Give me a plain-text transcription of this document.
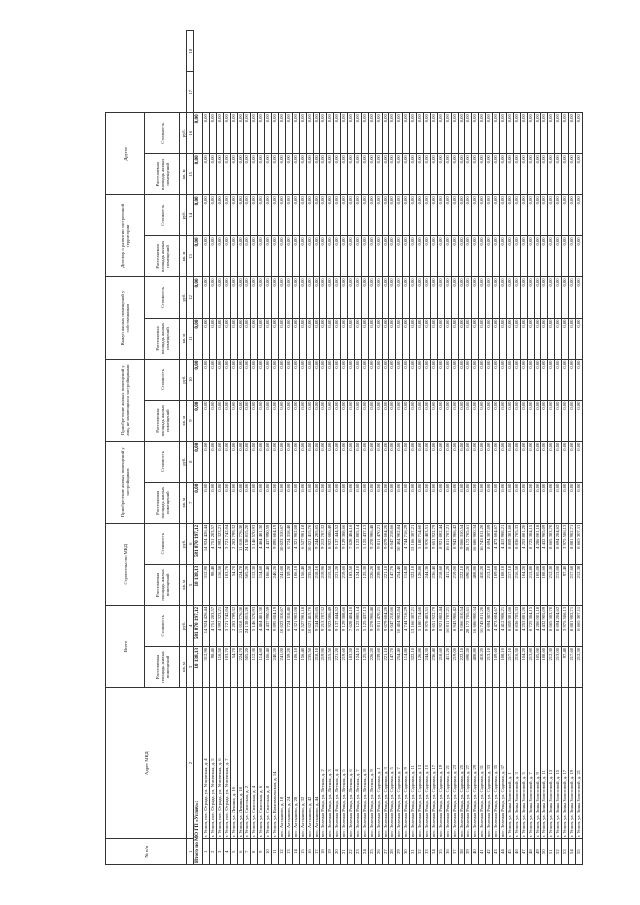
№ п/п	Адрес МКД	Всего		Строительство МКД		Приобретение жилых помещений у застройщиков		Приобретение жилых помещений у лиц, не являющихся застройщиками		Выкуп жилых помещений у собственников		Договор о развитии застроенной территории		Другое			
		Расселяемая площадь жилых помещений	Стоимость	Расселяемая площадь жилых помещений	Стоимость	Расселяемая площадь жилых помещений	Стоимость	Расселяемая площадь жилых помещений	Стоимость	Расселяемая площадь жилых помещений	Стоимость	Расселяемая площадь жилых помещений	Стоимость	Расселяемая площадь жилых помещений	Стоимость		
		кв. м	руб.	кв. м	руб.	кв. м	руб.	кв. м	руб.	кв. м	руб.	кв. м	руб.	кв. м	руб.		
1	2	3	4	5	6	7	8	9	10	11	12	13	14	15	16	17	18
Итого по МО ГП «Углич»:		10 138,13	581 870 197,12	10 138,13	581 870 197,12	0,00	0,00	0,00	0,00	0,00	0,00	0,00	0,00	0,00	0,00		
1	г. Углич, пос. Отрада, ул. Угличская, д. 4	312,90	14 924 426,44	312,90	14 924 426,44	0,00	0,00	0,00	0,00	0,00	0,00	0,00	0,00	0,00	0,00		
2	г. Углич, пос. Отрада, ул. Угличская, д. 5	98,40	4 751 203,57	98,40	4 751 203,57	0,00	0,00	0,00	0,00	0,00	0,00	0,00	0,00	0,00	0,00		
3	г. Углич, пос. Отрада, ул. Угличская, д. 6	116,50	4 992 323,21	116,50	4 992 323,21	0,00	0,00	0,00	0,00	0,00	0,00	0,00	0,00	0,00	0,00		
4	г. Углич, пос. Отрада, ул. Угличская, д. 7	103,70	3 721 742,04	103,70	3 721 742,04	0,00	0,00	0,00	0,00	0,00	0,00	0,00	0,00	0,00	0,00		
5	г. Углич, ул. Ленина, д. 16	54,70	2 203 799,32	54,70	2 203 799,32	0,00	0,00	0,00	0,00	0,00	0,00	0,00	0,00	0,00	0,00		
6	г. Углич, ул. Ленина, д. 18	224,70	11 018 776,30	224,70	11 018 776,30	0,00	0,00	0,00	0,00	0,00	0,00	0,00	0,00	0,00	0,00		
7	г. Углич, ул. Спасская, д. 2	505,20	24 138 815,20	505,20	24 138 815,20	0,00	0,00	0,00	0,00	0,00	0,00	0,00	0,00	0,00	0,00		
8	г. Углич, ул. Спасская, д. 4	112,30	5 146 570,93	112,30	5 146 570,93	0,00	0,00	0,00	0,00	0,00	0,00	0,00	0,00	0,00	0,00		
9	г. Углич, ул. Спасская, д. 6	114,60	4 464 401,30	114,60	4 464 401,30	0,00	0,00	0,00	0,00	0,00	0,00	0,00	0,00	0,00	0,00		
10	г. Углич, ул. Спасская, д. 8	106,40	4 437 990,59	106,40	4 437 990,59	0,00	0,00	0,00	0,00	0,00	0,00	0,00	0,00	0,00	0,00		
11	г. Углич, ул. Комсомольская, д. 14	240,20	9 895 604,19	240,20	9 895 604,19	0,00	0,00	0,00	0,00	0,00	0,00	0,00	0,00	0,00	0,00		
12	пос. Алтыново, д. 18	241,00	10 023 310,67	241,00	10 023 310,67	0,00	0,00	0,00	0,00	0,00	0,00	0,00	0,00	0,00	0,00		
13	пос. Алтыново, д. 24	159,20	6 724 318,40	159,20	6 724 318,40	0,00	0,00	0,00	0,00	0,00	0,00	0,00	0,00	0,00	0,00		
14	пос. Алтыново, д. 28	106,10	4 321 902,08	106,10	4 321 902,08	0,00	0,00	0,00	0,00	0,00	0,00	0,00	0,00	0,00	0,00		
15	пос. Алтыново, д. 32	156,40	6 527 901,18	156,40	6 527 901,18	0,00	0,00	0,00	0,00	0,00	0,00	0,00	0,00	0,00	0,00		
16	пос. Алтыново, д. 42	235,50	10 021 415,70	235,50	10 021 415,70	0,00	0,00	0,00	0,00	0,00	0,00	0,00	0,00	0,00	0,00		
17	пос. Алтыново, д. 44	218,10	9 244 205,65	218,10	9 244 205,65	0,00	0,00	0,00	0,00	0,00	0,00	0,00	0,00	0,00	0,00		
18	пос. Зеленая Роща, ул. Лесная, д. 2	219,90	9 213 707,32	219,90	9 213 707,32	0,00	0,00	0,00	0,00	0,00	0,00	0,00	0,00	0,00	0,00		
19	пос. Зеленая Роща, ул. Лесная, д. 3	215,50	8 923 006,49	215,50	8 923 006,49	0,00	0,00	0,00	0,00	0,00	0,00	0,00	0,00	0,00	0,00		
20	пос. Зеленая Роща, ул. Лесная, д. 4	221,20	9 137 444,52	221,20	9 137 444,52	0,00	0,00	0,00	0,00	0,00	0,00	0,00	0,00	0,00	0,00		
21	пос. Зеленая Роща, ул. Лесная, д. 5	219,60	9 129 308,66	219,60	9 129 308,66	0,00	0,00	0,00	0,00	0,00	0,00	0,00	0,00	0,00	0,00		
22	пос. Зеленая Роща, ул. Лесная, д. 6	183,50	7 628 404,16	183,50	7 628 404,16	0,00	0,00	0,00	0,00	0,00	0,00	0,00	0,00	0,00	0,00		
23	пос. Зеленая Роща, ул. Лесная, д. 7	124,10	5 122 805,14	124,10	5 122 805,14	0,00	0,00	0,00	0,00	0,00	0,00	0,00	0,00	0,00	0,00		
24	пос. Зеленая Роща, ул. Лесная, д. 8	125,30	5 125 437,13	125,30	5 125 437,13	0,00	0,00	0,00	0,00	0,00	0,00	0,00	0,00	0,00	0,00		
25	пос. Зеленая Роща, ул. Лесная, д. 9	226,20	9 278 906,48	226,20	9 278 906,48	0,00	0,00	0,00	0,00	0,00	0,00	0,00	0,00	0,00	0,00		
26	пос. Зеленая Роща, ул. Садовая, д. 1	239,60	9 811 470,21	239,60	9 811 470,21	0,00	0,00	0,00	0,00	0,00	0,00	0,00	0,00	0,00	0,00		
27	пос. Зеленая Роща, ул. Садовая, д. 3	221,10	9 079 604,20	221,10	9 079 604,20	0,00	0,00	0,00	0,00	0,00	0,00	0,00	0,00	0,00	0,00		
28	пос. Зеленая Роща, ул. Садовая, д. 5	147,70	6 047 218,66	147,70	6 047 218,66	0,00	0,00	0,00	0,00	0,00	0,00	0,00	0,00	0,00	0,00		
29	пос. Зеленая Роща, ул. Садовая, д. 7	254,40	10 404 902,84	254,40	10 404 902,84	0,00	0,00	0,00	0,00	0,00	0,00	0,00	0,00	0,00	0,00		
30	пос. Зеленая Роща, ул. Садовая, д. 9	114,80	4 744 716,29	114,80	4 744 716,29	0,00	0,00	0,00	0,00	0,00	0,00	0,00	0,00	0,00	0,00		
31	пос. Зеленая Роща, ул. Садовая, д. 11	322,10	13 166 307,21	322,10	13 166 307,21	0,00	0,00	0,00	0,00	0,00	0,00	0,00	0,00	0,00	0,00		
32	пос. Зеленая Роща, ул. Садовая, д. 13	126,80	5 180 714,60	126,80	5 180 714,60	0,00	0,00	0,00	0,00	0,00	0,00	0,00	0,00	0,00	0,00		
33	пос. Зеленая Роща, ул. Садовая, д. 15	244,30	9 970 403,51	244,30	9 970 403,51	0,00	0,00	0,00	0,00	0,00	0,00	0,00	0,00	0,00	0,00		
34	пос. Зеленая Роща, ул. Садовая, д. 17	236,40	9 651 922,79	236,40	9 651 922,79	0,00	0,00	0,00	0,00	0,00	0,00	0,00	0,00	0,00	0,00		
35	пос. Зеленая Роща, ул. Садовая, д. 19	218,60	8 921 802,44	218,60	8 921 802,44	0,00	0,00	0,00	0,00	0,00	0,00	0,00	0,00	0,00	0,00		
36	пос. Зеленая Роща, ул. Садовая, д. 21	411,20	16 811 707,21	411,20	16 811 707,21	0,00	0,00	0,00	0,00	0,00	0,00	0,00	0,00	0,00	0,00		
37	пос. Зеленая Роща, ул. Садовая, д. 23	219,00	8 943 906,42	219,00	8 943 906,42	0,00	0,00	0,00	0,00	0,00	0,00	0,00	0,00	0,00	0,00		
38	пос. Зеленая Роща, ул. Садовая, д. 25	222,10	9 066 310,54	222,10	9 066 310,54	0,00	0,00	0,00	0,00	0,00	0,00	0,00	0,00	0,00	0,00		
39	пос. Зеленая Роща, ул. Садовая, д. 27	690,20	28 172 705,61	690,20	28 172 705,61	0,00	0,00	0,00	0,00	0,00	0,00	0,00	0,00	0,00	0,00		
40	пос. Зеленая Роща, ул. Садовая, д. 29	408,80	16 686 900,34	408,80	16 686 900,34	0,00	0,00	0,00	0,00	0,00	0,00	0,00	0,00	0,00	0,00		
41	пос. Зеленая Роща, ул. Садовая, д. 31	410,20	16 743 811,20	410,20	16 743 811,20	0,00	0,00	0,00	0,00	0,00	0,00	0,00	0,00	0,00	0,00		
42	пос. Зеленая Роща, ул. Садовая, д. 33	213,10	8 694 307,09	213,10	8 694 307,09	0,00	0,00	0,00	0,00	0,00	0,00	0,00	0,00	0,00	0,00		
43	пос. Зеленая Роща, ул. Садовая, д. 35	109,60	4 473 604,67	109,60	4 473 604,67	0,00	0,00	0,00	0,00	0,00	0,00	0,00	0,00	0,00	0,00		
44	пос. Зеленая Роща, ул. Садовая, д. 37	108,10	4 412 908,21	108,10	4 412 908,21	0,00	0,00	0,00	0,00	0,00	0,00	0,00	0,00	0,00	0,00		
45	г. Углич, ул. Зины Золотовой, д. 1	217,10	8 859 301,66	217,10	8 859 301,66	0,00	0,00	0,00	0,00	0,00	0,00	0,00	0,00	0,00	0,00		
46	г. Углич, ул. Зины Золотовой, д. 3	216,50	8 836 705,33	216,50	8 836 705,33	0,00	0,00	0,00	0,00	0,00	0,00	0,00	0,00	0,00	0,00		
47	г. Углич, ул. Зины Золотовой, д. 5	104,20	4 253 801,20	104,20	4 253 801,20	0,00	0,00	0,00	0,00	0,00	0,00	0,00	0,00	0,00	0,00		
48	г. Углич, ул. Зины Золотовой, д. 7	213,80	8 725 304,15	213,80	8 725 304,15	0,00	0,00	0,00	0,00	0,00	0,00	0,00	0,00	0,00	0,00		
49	г. Углич, ул. Зины Золотовой, д. 9	105,00	4 286 001,18	105,00	4 286 001,18	0,00	0,00	0,00	0,00	0,00	0,00	0,00	0,00	0,00	0,00		
50	г. Углич, ул. Зины Золотовой, д. 11	108,60	4 432 905,09	108,60	4 432 905,09	0,00	0,00	0,00	0,00	0,00	0,00	0,00	0,00	0,00	0,00		
51	г. Углич, ул. Зины Золотовой, д. 13	212,30	8 665 303,70	212,30	8 665 303,70	0,00	0,00	0,00	0,00	0,00	0,00	0,00	0,00	0,00	0,00		
52	г. Углич, ул. Зины Золотовой, д. 15	213,00	8 694 204,62	213,00	8 694 204,62	0,00	0,00	0,00	0,00	0,00	0,00	0,00	0,00	0,00	0,00		
53	г. Углич, ул. Зины Золотовой, д. 17	97,40	3 975 506,13	97,40	3 975 506,13	0,00	0,00	0,00	0,00	0,00	0,00	0,00	0,00	0,00	0,00		
54	г. Углич, ул. Зины Золотовой, д. 19	217,60	8 881 902,71	217,60	8 881 902,71	0,00	0,00	0,00	0,00	0,00	0,00	0,00	0,00	0,00	0,00		
55	г. Углич, ул. Зины Золотовой, д. 21	212,30	8 665 307,11	212,30	8 665 307,11	0,00	0,00	0,00	0,00	0,00	0,00	0,00	0,00	0,00	0,00		
